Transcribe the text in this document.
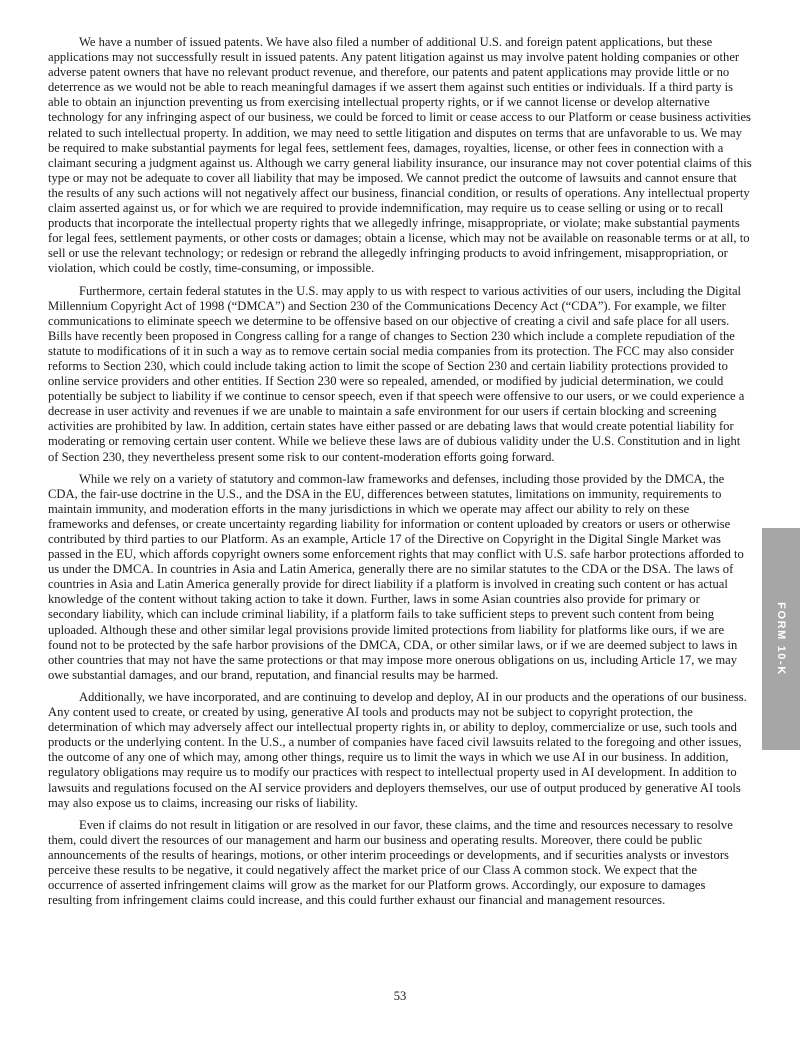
We have a number of issued patents. We have also filed a number of additional U.S. and foreign patent applications, but these applications may not successfully result in issued patents. Any patent litigation against us may involve patent holding companies or other adverse patent owners that have no relevant product revenue, and therefore, our patents and patent applications may provide little or no deterrence as we would not be able to reach meaningful damages if we assert them against such entities or individuals. If a third party is able to obtain an injunction preventing us from exercising intellectual property rights, or if we cannot license or develop alternative technology for any infringing aspect of our business, we could be forced to limit or cease access to our Platform or cease business activities related to such intellectual property. In addition, we may need to settle litigation and disputes on terms that are unfavorable to us. We may be required to make substantial payments for legal fees, settlement fees, damages, royalties, license, or other fees in connection with a claimant securing a judgment against us. Although we carry general liability insurance, our insurance may not cover potential claims of this type or may not be adequate to cover all liability that may be imposed. We cannot predict the outcome of lawsuits and cannot ensure that the results of any such actions will not negatively affect our business, financial condition, or results of operations. Any intellectual property claim asserted against us, or for which we are required to provide indemnification, may require us to cease selling or using or to recall products that incorporate the intellectual property rights that we allegedly infringe, misappropriate, or violate; make substantial payments for legal fees, settlement payments, or other costs or damages; obtain a license, which may not be available on reasonable terms or at all, to sell or use the relevant technology; or redesign or rebrand the allegedly infringing products to avoid infringement, misappropriation, or violation, which could be costly, time-consuming, or impossible.

Furthermore, certain federal statutes in the U.S. may apply to us with respect to various activities of our users, including the Digital Millennium Copyright Act of 1998 (“DMCA”) and Section 230 of the Communications Decency Act (“CDA”). For example, we filter communications to eliminate speech we determine to be offensive based on our objective of creating a civil and safe place for all users. Bills have recently been proposed in Congress calling for a range of changes to Section 230 which include a complete repudiation of the statute to modifications of it in such a way as to remove certain social media companies from its protection. The FCC may also consider reforms to Section 230, which could include taking action to limit the scope of Section 230 and certain liability protections provided to online service providers and other entities. If Section 230 were so repealed, amended, or modified by judicial determination, we could potentially be subject to liability if we continue to censor speech, even if that speech were offensive to our users, or we could experience a decrease in user activity and revenues if we are unable to maintain a safe environment for our users if certain blocking and screening activities are prohibited by law. In addition, certain states have either passed or are debating laws that would create potential liability for moderating or removing certain user content. While we believe these laws are of dubious validity under the U.S. Constitution and in light of Section 230, they nevertheless present some risk to our content-moderation efforts going forward.

While we rely on a variety of statutory and common-law frameworks and defenses, including those provided by the DMCA, the CDA, the fair-use doctrine in the U.S., and the DSA in the EU, differences between statutes, limitations on immunity, requirements to maintain immunity, and moderation efforts in the many jurisdictions in which we operate may affect our ability to rely on these frameworks and defenses, or create uncertainty regarding liability for information or content uploaded by creators or users or otherwise contributed by third parties to our Platform. As an example, Article 17 of the Directive on Copyright in the Digital Single Market was passed in the EU, which affords copyright owners some enforcement rights that may conflict with U.S. safe harbor protections afforded to us under the DMCA. In countries in Asia and Latin America, generally there are no similar statutes to the CDA or the DSA. The laws of countries in Asia and Latin America generally provide for direct liability if a platform is involved in creating such content or has actual knowledge of the content without taking action to take it down. Further, laws in some Asian countries also provide for primary or secondary liability, which can include criminal liability, if a platform fails to take sufficient steps to prevent such content from being uploaded. Although these and other similar legal provisions provide limited protections from liability for platforms like ours, if we are found not to be protected by the safe harbor provisions of the DMCA, CDA, or other similar laws, or if we are deemed subject to laws in other countries that may not have the same protections or that may impose more onerous obligations on us, including Article 17, we may owe substantial damages, and our brand, reputation, and financial results may be harmed.

Additionally, we have incorporated, and are continuing to develop and deploy, AI in our products and the operations of our business. Any content used to create, or created by using, generative AI tools and products may not be subject to copyright protection, the determination of which may adversely affect our intellectual property rights in, or ability to deploy, commercialize or use, such tools and products or the underlying content. In the U.S., a number of companies have faced civil lawsuits related to the foregoing and other issues, the outcome of any one of which may, among other things, require us to limit the ways in which we use AI in our business. In addition, regulatory obligations may require us to modify our practices with respect to intellectual property used in AI development. In addition to lawsuits and regulations focused on the AI service providers and deployers themselves, our use of output produced by generative AI tools may also expose us to claims, increasing our risks of liability.

Even if claims do not result in litigation or are resolved in our favor, these claims, and the time and resources necessary to resolve them, could divert the resources of our management and harm our business and operating results. Moreover, there could be public announcements of the results of hearings, motions, or other interim proceedings or developments, and if securities analysts or investors perceive these results to be negative, it could negatively affect the market price of our Class A common stock. We expect that the occurrence of asserted infringement claims will grow as the market for our Platform grows. Accordingly, our exposure to damages resulting from infringement claims could increase, and this could further exhaust our financial and management resources.

53
FORM 10-K
